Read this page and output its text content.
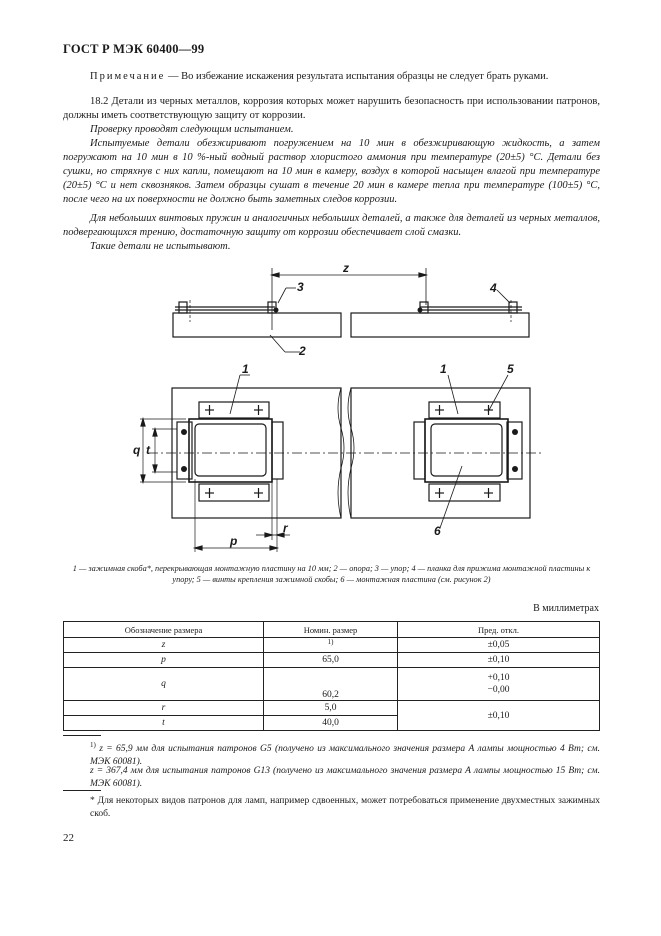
ГОСТ Р МЭК 60400—99
Примечание — Во избежание искажения результата испытания образцы не следует брать руками.
18.2 Детали из черных металлов, коррозия которых может нарушить безопасность при использовании патронов, должны иметь соответствующую защиту от коррозии.
Проверку проводят следующим испытанием.
Испытуемые детали обезжиривают погружением на 10 мин в обезжиривающую жидкость, а затем погружают на 10 мин в 10 %-ный водный раствор хлористого аммония при температуре (20±5) °С. Детали без сушки, но стряхнув с них капли, помещают на 10 мин в камеру, воздух в которой насыщен влагой при температуре (20±5) °С и нет сквозняков. Затем образцы сушат в течение 20 мин в камере тепла при температуре (100±5) °С, после чего на их поверхности не должно быть заметных следов коррозии.
Для небольших винтовых пружин и аналогичных небольших деталей, а также для деталей из черных металлов, подвергающихся трению, достаточную защиту от коррозии обеспечивает слой смазки.
Такие детали не испытывают.
z
3	4
2
1	1	5
6
q t
p
r
1 — зажимная скоба*, перекрывающая монтажную пластину на 10 мм; 2 — опора; 3 — упор; 4 — планка для прижима монтажной пластины к упору; 5 — винты крепления зажимной скобы; 6 — монтажная пластина (см. рисунок 2)
В миллиметрах
Обозначение размера	Номин. размер	Пред. откл.
z	1)	±0,05
p	65,0	±0,10
q	60,2	+0,10
−0,00

r	5,0	±0,10
t	40,0	
$^{1)}$ z = 65,9 мм для испытания патронов G5 (получено из максимального значения размера A лампы мощностью 4 Вт; см. МЭК 60081).
z = 367,4 мм для испытания патронов G13 (получено из максимального значения размера A лампы мощностью 15 Вт; см. МЭК 60081).
* Для некоторых видов патронов для ламп, например сдвоенных, может потребоваться применение двухместных зажимных скоб.
22
